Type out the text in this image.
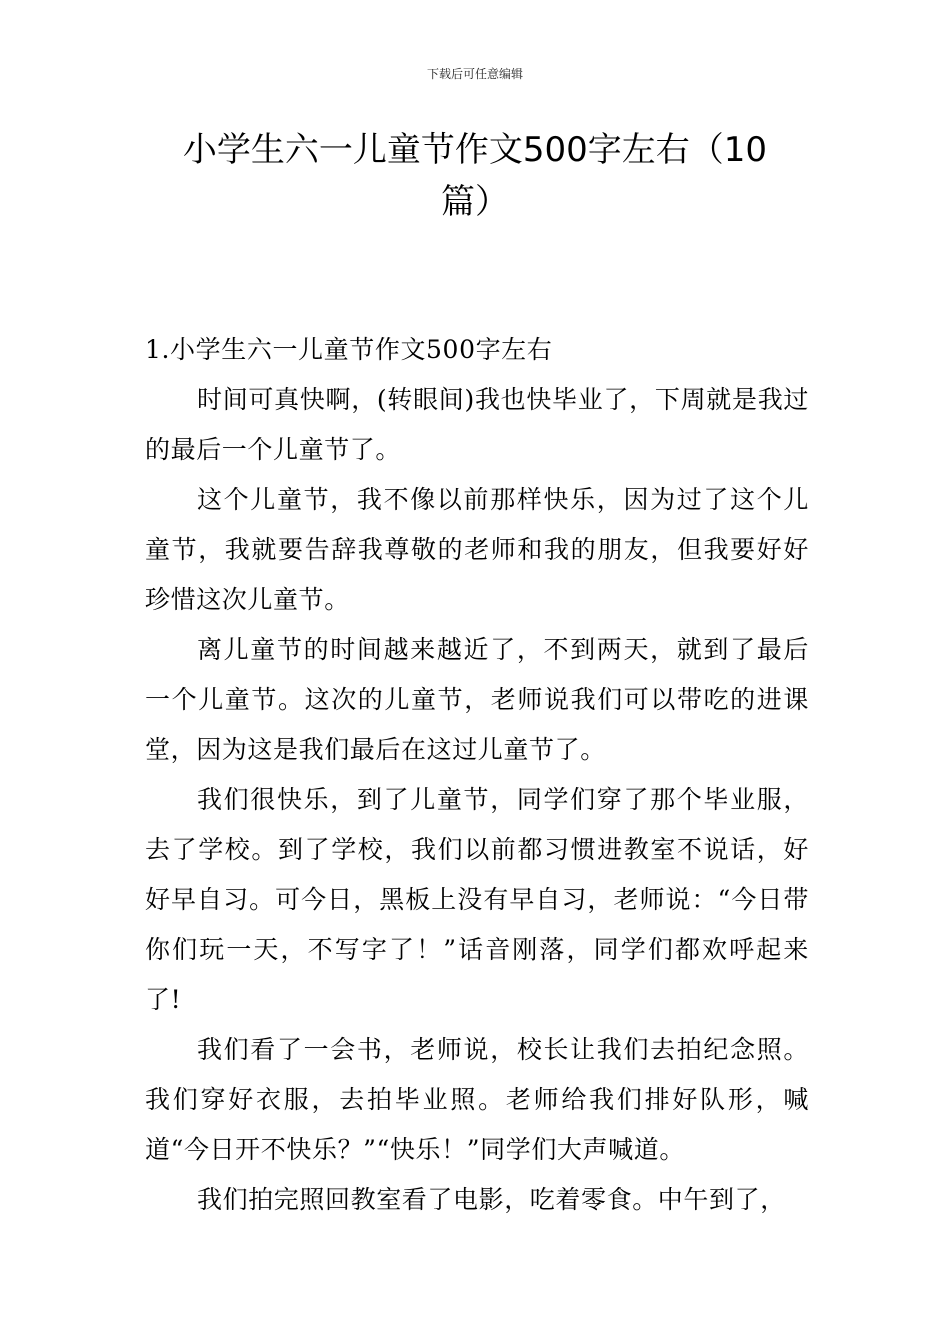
下载后可任意编辑
小学生六一儿童节作文500字左右（10篇）
1.小学生六一儿童节作文500字左右

时间可真快啊，(转眼间)我也快毕业了，下周就是我过的最后一个儿童节了。

这个儿童节，我不像以前那样快乐，因为过了这个儿童节，我就要告辞我尊敬的老师和我的朋友，但我要好好珍惜这次儿童节。

离儿童节的时间越来越近了，不到两天，就到了最后一个儿童节。这次的儿童节，老师说我们可以带吃的进课堂，因为这是我们最后在这过儿童节了。

我们很快乐，到了儿童节，同学们穿了那个毕业服，去了学校。到了学校，我们以前都习惯进教室不说话，好好早自习。可今日，黑板上没有早自习，老师说：“今日带你们玩一天，不写字了！”话音刚落，同学们都欢呼起来了!

我们看了一会书，老师说，校长让我们去拍纪念照。我们穿好衣服，去拍毕业照。老师给我们排好队形，喊道“今日开不快乐？”“快乐！”同学们大声喊道。

我们拍完照回教室看了电影，吃着零食。中午到了，
